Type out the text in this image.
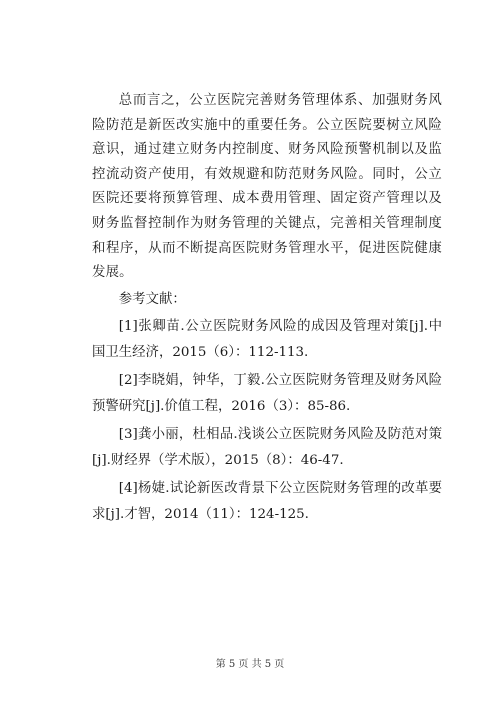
总而言之，公立医院完善财务管理体系、加强财务风险防范是新医改实施中的重要任务。公立医院要树立风险意识，通过建立财务内控制度、财务风险预警机制以及监控流动资产使用，有效规避和防范财务风险。同时，公立医院还要将预算管理、成本费用管理、固定资产管理以及财务监督控制作为财务管理的关键点，完善相关管理制度和程序，从而不断提高医院财务管理水平，促进医院健康发展。

参考文献：

[1]张卿苗.公立医院财务风险的成因及管理对策[j].中国卫生经济，2015（6）：112-113.
[2]李晓娟，钟华，丁毅.公立医院财务管理及财务风险预警研究[j].价值工程，2016（3）：85-86.
[3]龚小丽，杜相品.浅谈公立医院财务风险及防范对策[j].财经界（学术版），2015（8）：46-47.
[4]杨婕.试论新医改背景下公立医院财务管理的改革要求[j].才智，2014（11）：124-125.
第 5 页 共 5 页
